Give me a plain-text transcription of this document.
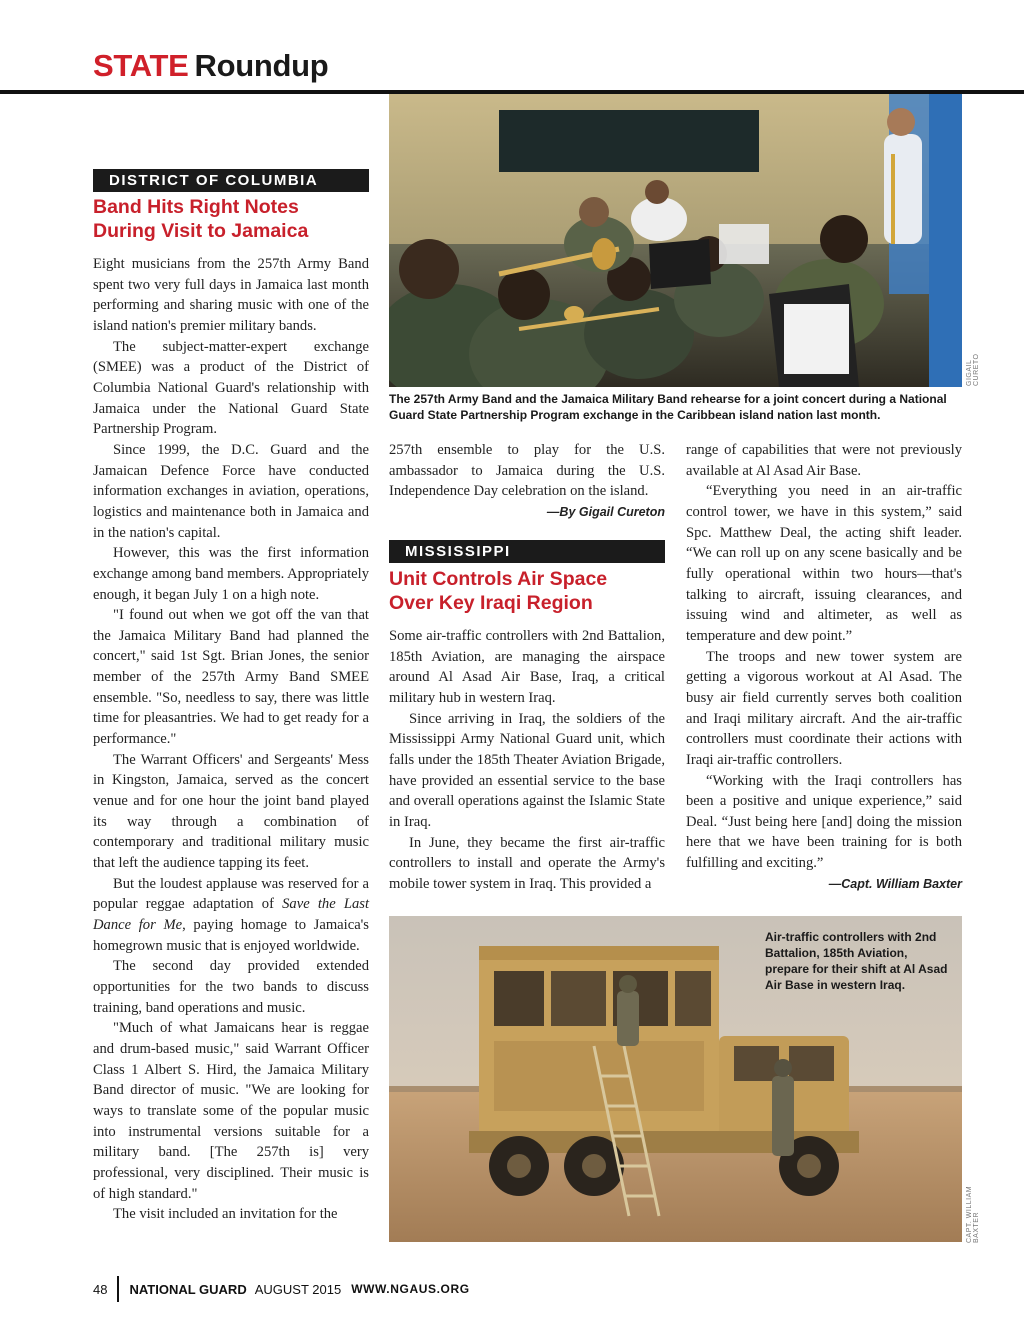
STATE Roundup
GIGAIL CURETO
The 257th Army Band and the Jamaica Military Band rehearse for a joint concert during a National Guard State Partnership Program exchange in the Caribbean island nation last month.
DISTRICT OF COLUMBIA
Band Hits Right Notes
During Visit to Jamaica

Eight musicians from the 257th Army Band spent two very full days in Jamaica last month performing and sharing music with one of the island nation's premier military bands.

The subject-matter-expert exchange (SMEE) was a product of the District of Columbia National Guard's relationship with Jamaica under the National Guard State Partnership Program.

Since 1999, the D.C. Guard and the Jamaican Defence Force have conducted information exchanges in aviation, operations, logistics and maintenance both in Jamaica and in the nation's capital.

However, this was the first information exchange among band members. Appropriately enough, it began July 1 on a high note.

"I found out when we got off the van that the Jamaica Military Band had planned the concert," said 1st Sgt. Brian Jones, the senior member of the 257th Army Band SMEE ensemble. "So, needless to say, there was little time for pleasantries. We had to get ready for a performance."

The Warrant Officers' and Sergeants' Mess in Kingston, Jamaica, served as the concert venue and for one hour the joint band played its way through a combination of contemporary and traditional military music that left the audience tapping its feet.

But the loudest applause was reserved for a popular reggae adaptation of Save the Last Dance for Me, paying homage to Jamaica's homegrown music that is enjoyed worldwide.

The second day provided extended opportunities for the two bands to discuss training, band operations and music.

"Much of what Jamaicans hear is reggae and drum-based music," said Warrant Officer Class 1 Albert S. Hird, the Jamaica Military Band director of music. "We are looking for ways to translate some of the popular music into instrumental versions suitable for a military band. [The 257th is] very professional, very disciplined. Their music is of high standard."

The visit included an invitation for the

257th ensemble to play for the U.S. ambassador to Jamaica during the U.S. Independence Day celebration on the island.

—By Gigail Cureton
MISSISSIPPI
Unit Controls Air Space
Over Key Iraqi Region

Some air-traffic controllers with 2nd Battalion, 185th Aviation, are managing the airspace around Al Asad Air Base, Iraq, a critical military hub in western Iraq.

Since arriving in Iraq, the soldiers of the Mississippi Army National Guard unit, which falls under the 185th Theater Aviation Brigade, have provided an essential service to the base and overall operations against the Islamic State in Iraq.

In June, they became the first air-traffic controllers to install and operate the Army's mobile tower system in Iraq. This provided a

range of capabilities that were not previously available at Al Asad Air Base.

“Everything you need in an air-traffic control tower, we have in this system,” said Spc. Matthew Deal, the acting shift leader. “We can roll up on any scene basically and be fully operational within two hours—that's talking to aircraft, issuing clearances, and issuing wind and altimeter, as well as temperature and dew point.”

The troops and new tower system are getting a vigorous workout at Al Asad. The busy air field currently serves both coalition and Iraqi military aircraft. And the air-traffic controllers must coordinate their actions with Iraqi air-traffic controllers.

“Working with the Iraqi controllers has been a positive and unique experience,” said Deal. “Just being here [and] doing the mission here that we have been training for is both fulfilling and exciting.”

—Capt. William Baxter
Air-traffic controllers with 2nd Battalion, 185th Aviation, prepare for their shift at Al Asad Air Base in western Iraq.
CAPT. WILLIAM BAXTER
48 NATIONAL GUARD AUGUST 2015 WWW.NGAUS.ORG
